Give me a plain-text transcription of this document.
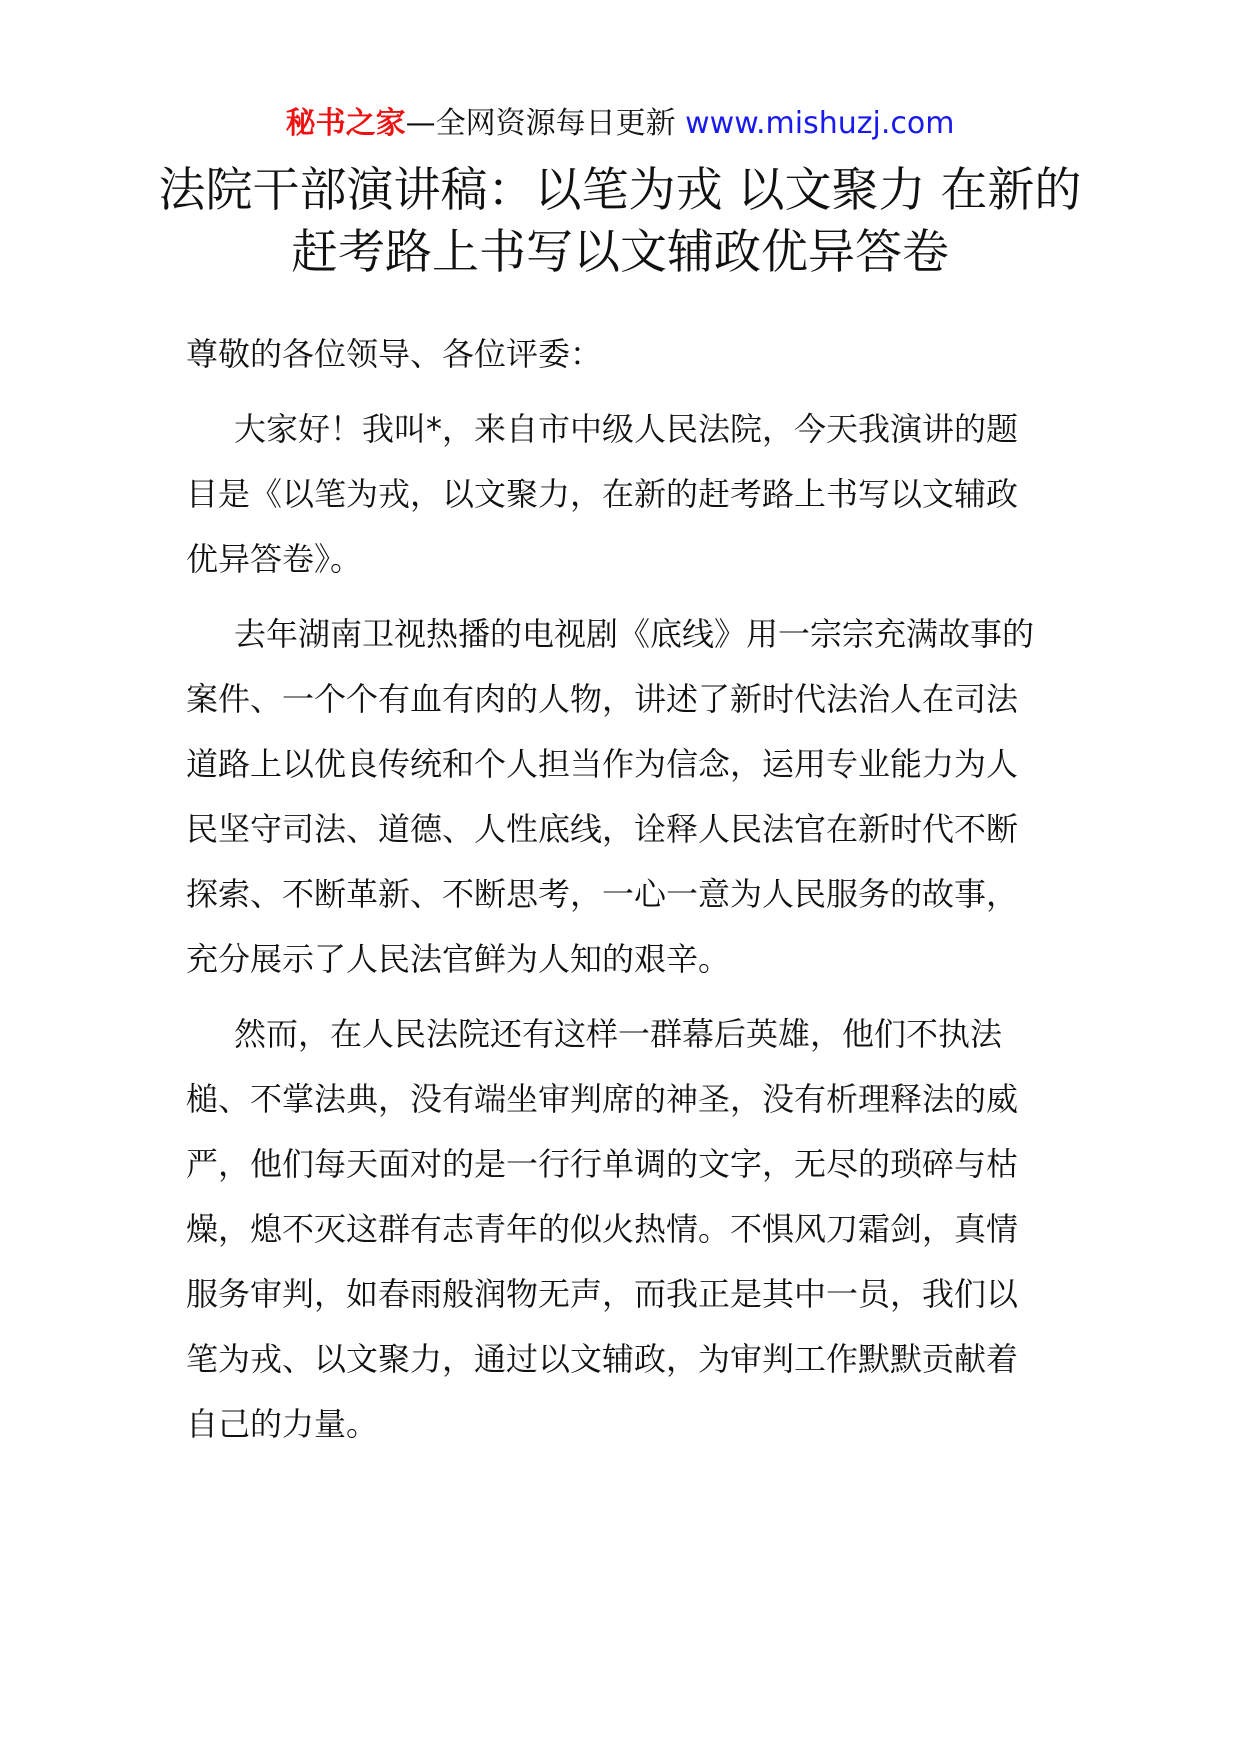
秘书之家—全网资源每日更新 www.mishuzj.com
法院干部演讲稿：以笔为戎 以文聚力 在新的赶考路上书写以文辅政优异答卷

尊敬的各位领导、各位评委：

大家好！我叫*，来自市中级人民法院，今天我演讲的题目是《以笔为戎，以文聚力，在新的赶考路上书写以文辅政优异答卷》。

去年湖南卫视热播的电视剧《底线》用一宗宗充满故事的案件、一个个有血有肉的人物，讲述了新时代法治人在司法道路上以优良传统和个人担当作为信念，运用专业能力为人民坚守司法、道德、人性底线，诠释人民法官在新时代不断探索、不断革新、不断思考，一心一意为人民服务的故事，充分展示了人民法官鲜为人知的艰辛。

然而，在人民法院还有这样一群幕后英雄，他们不执法槌、不掌法典，没有端坐审判席的神圣，没有析理释法的威严，他们每天面对的是一行行单调的文字，无尽的琐碎与枯燥，熄不灭这群有志青年的似火热情。不惧风刀霜剑，真情服务审判，如春雨般润物无声，而我正是其中一员，我们以笔为戎、以文聚力，通过以文辅政，为审判工作默默贡献着自己的力量。
